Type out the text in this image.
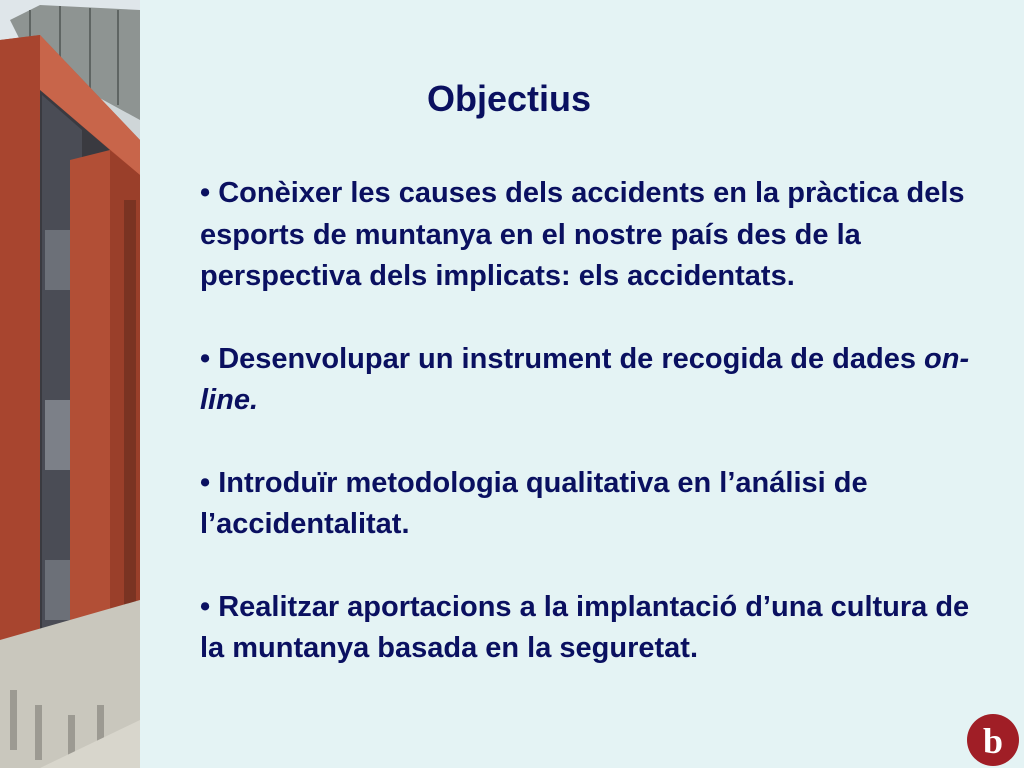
Objectius
• Conèixer les causes dels accidents en la pràctica dels esports de muntanya en el nostre país des de la perspectiva dels implicats: els accidentats.
• Desenvolupar un instrument de recogida de dades on-line.
• Introduïr metodologia qualitativa en l’análisi de l’accidentalitat.
• Realitzar aportacions a la implantació d’una cultura de la muntanya basada en la seguretat.
b
